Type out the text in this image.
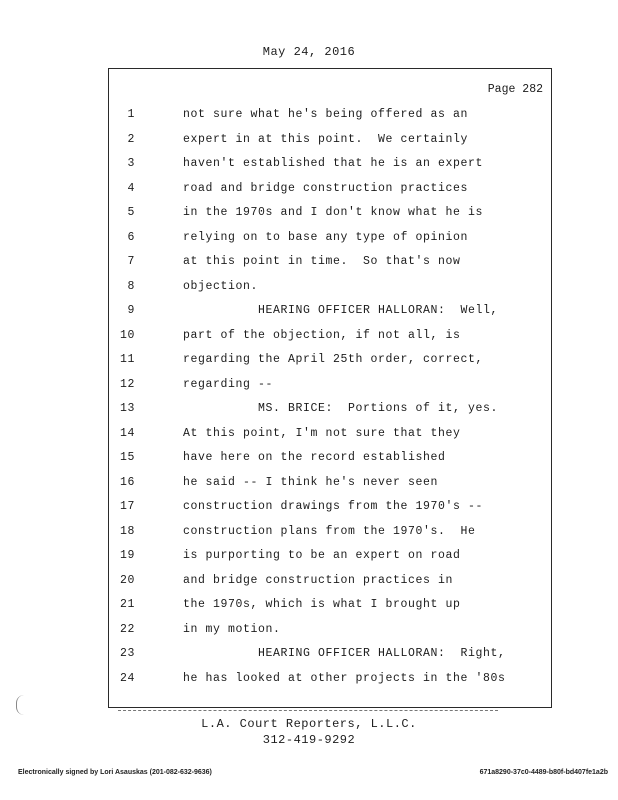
May 24, 2016
Page 282
1	not sure what he's being offered as an
2	expert in at this point.  We certainly
3	haven't established that he is an expert
4	road and bridge construction practices
5	in the 1970s and I don't know what he is
6	relying on to base any type of opinion
7	at this point in time.  So that's now
8	objection.
9	HEARING OFFICER HALLORAN:  Well,
10	part of the objection, if not all, is
11	regarding the April 25th order, correct,
12	regarding --
13	MS. BRICE:  Portions of it, yes.
14	At this point, I'm not sure that they
15	have here on the record established
16	he said -- I think he's never seen
17	construction drawings from the 1970's --
18	construction plans from the 1970's.  He
19	is purporting to be an expert on road
20	and bridge construction practices in
21	the 1970s, which is what I brought up
22	in my motion.
23	HEARING OFFICER HALLORAN:  Right,
24	he has looked at other projects in the '80s
L.A. Court Reporters, L.L.C.
312-419-9292
Electronically signed by Lori Asauskas (201-082-632-9636)	671a8290-37c0-4489-b80f-bd407fe1a2b
